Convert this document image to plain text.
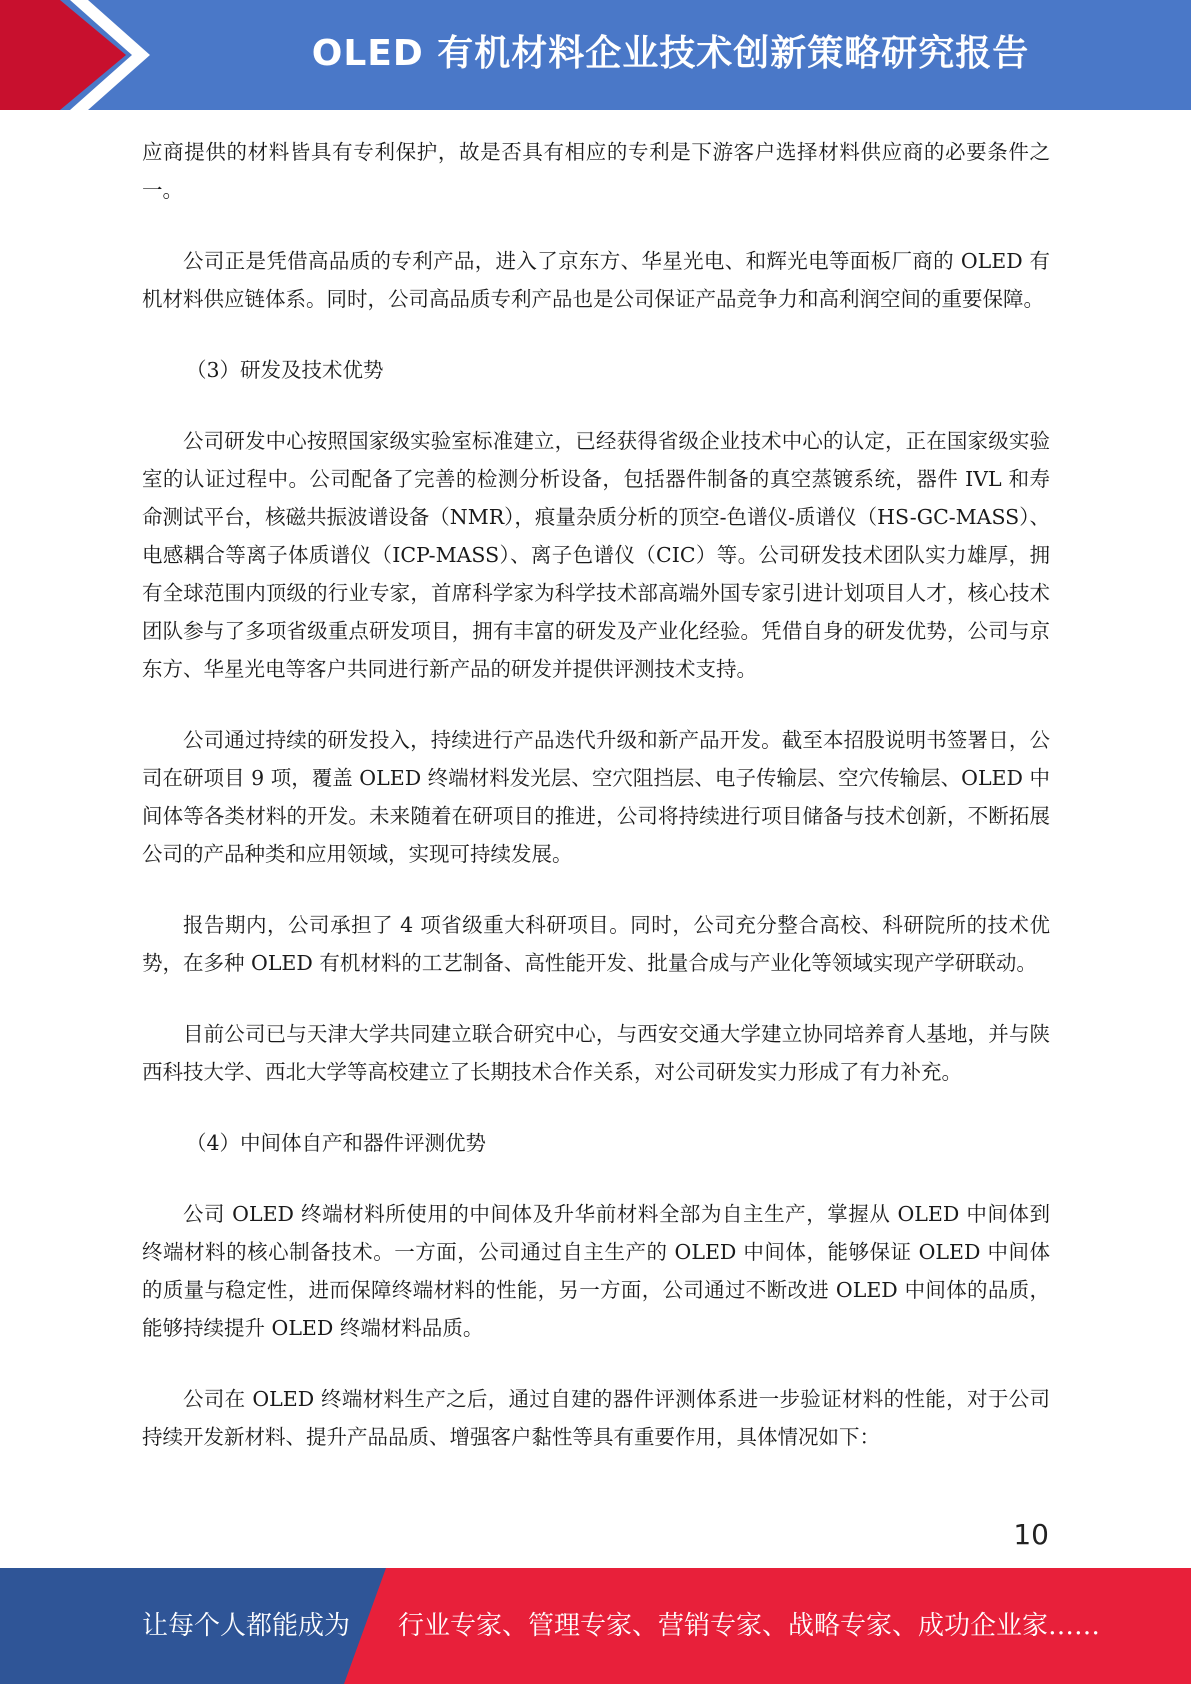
OLED 有机材料企业技术创新策略研究报告

应商提供的材料皆具有专利保护，故是否具有相应的专利是下游客户选择材料供应商的必要条件之一。

公司正是凭借高品质的专利产品，进入了京东方、华星光电、和辉光电等面板厂商的 OLED 有机材料供应链体系。同时，公司高品质专利产品也是公司保证产品竞争力和高利润空间的重要保障。

（3）研发及技术优势

公司研发中心按照国家级实验室标准建立，已经获得省级企业技术中心的认定，正在国家级实验室的认证过程中。公司配备了完善的检测分析设备，包括器件制备的真空蒸镀系统，器件 IVL 和寿命测试平台，核磁共振波谱设备（NMR），痕量杂质分析的顶空-色谱仪-质谱仪（HS-GC-MASS）、电感耦合等离子体质谱仪（ICP-MASS）、离子色谱仪（CIC）等。公司研发技术团队实力雄厚，拥有全球范围内顶级的行业专家，首席科学家为科学技术部高端外国专家引进计划项目人才，核心技术团队参与了多项省级重点研发项目，拥有丰富的研发及产业化经验。凭借自身的研发优势，公司与京东方、华星光电等客户共同进行新产品的研发并提供评测技术支持。

公司通过持续的研发投入，持续进行产品迭代升级和新产品开发。截至本招股说明书签署日，公司在研项目 9 项，覆盖 OLED 终端材料发光层、空穴阻挡层、电子传输层、空穴传输层、OLED 中间体等各类材料的开发。未来随着在研项目的推进，公司将持续进行项目储备与技术创新，不断拓展公司的产品种类和应用领域，实现可持续发展。

报告期内，公司承担了 4 项省级重大科研项目。同时，公司充分整合高校、科研院所的技术优势，在多种 OLED 有机材料的工艺制备、高性能开发、批量合成与产业化等领域实现产学研联动。

目前公司已与天津大学共同建立联合研究中心，与西安交通大学建立协同培养育人基地，并与陕西科技大学、西北大学等高校建立了长期技术合作关系，对公司研发实力形成了有力补充。

（4）中间体自产和器件评测优势

公司 OLED 终端材料所使用的中间体及升华前材料全部为自主生产，掌握从 OLED 中间体到终端材料的核心制备技术。一方面，公司通过自主生产的 OLED 中间体，能够保证 OLED 中间体的质量与稳定性，进而保障终端材料的性能，另一方面，公司通过不断改进 OLED 中间体的品质，能够持续提升 OLED 终端材料品质。

公司在 OLED 终端材料生产之后，通过自建的器件评测体系进一步验证材料的性能，对于公司持续开发新材料、提升产品品质、增强客户黏性等具有重要作用，具体情况如下：

10
让每个人都能成为 行业专家、管理专家、营销专家、战略专家、成功企业家……
